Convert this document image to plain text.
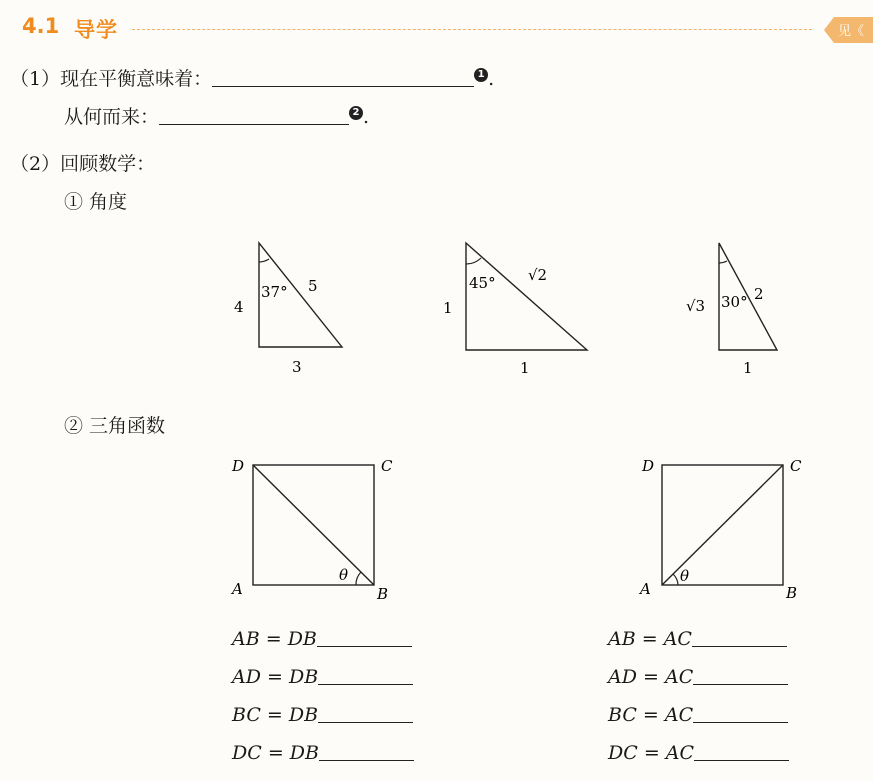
4.1 导学	见《
（1）现在平衡意味着：	1 .
从何而来：	2 .
（2）回顾数学：
① 角度
37°
4
5
3
45°
1
√2
1
30°
√3
2
1
② 三角函数
D	C
A	B
θ
D	C
A	B
θ
AB = DB
AD = DB
BC = DB
DC = DB
AB = AC
AD = AC
BC = AC
DC = AC
